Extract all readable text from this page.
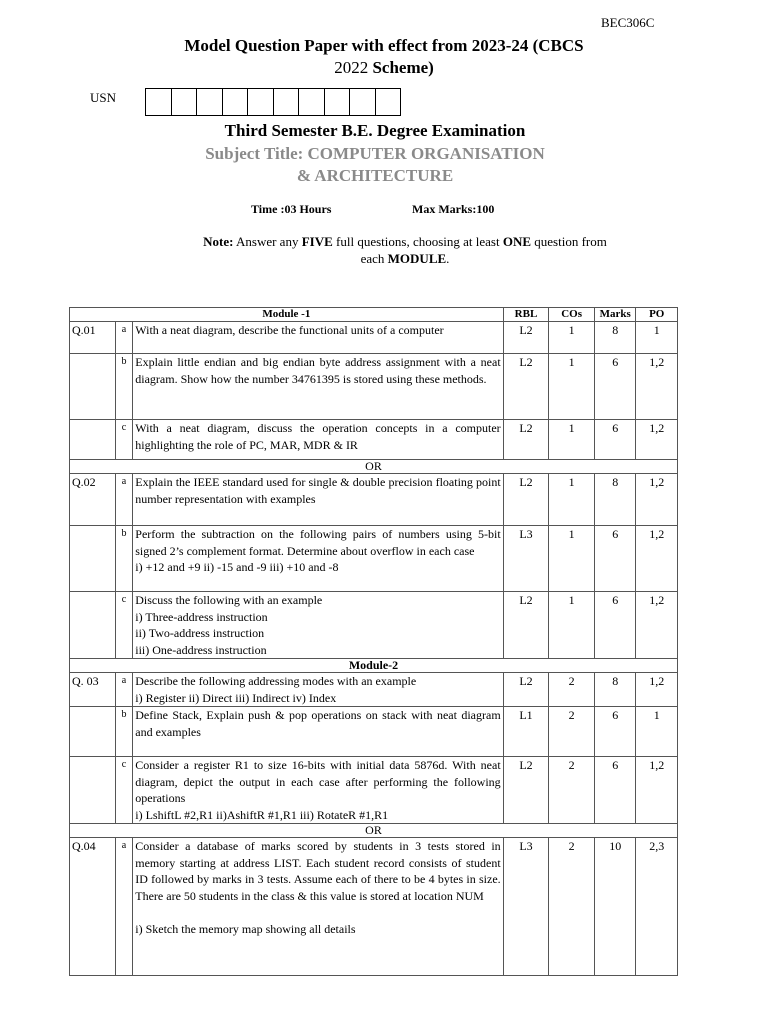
BEC306C
Model Question Paper with effect from 2023-24 (CBCS
2022 Scheme)
USN
Third Semester B.E. Degree Examination
Subject Title: COMPUTER ORGANISATION
& ARCHITECTURE
Time :03 Hours	Max Marks:100
Note: Answer any FIVE full questions, choosing at least ONE question from each MODULE.
Module -1			RBL	COs	Marks	PO
Q.01	a	With a neat diagram, describe the functional units of a computer	L2	1	8	1
	b	Explain little endian and big endian byte address assignment with a neat diagram. Show how the number 34761395 is stored using these methods.	L2	1	6	1,2
	c	With a neat diagram, discuss the operation concepts in a computer highlighting the role of PC, MAR, MDR & IR	L2	1	6	1,2
OR						
Q.02	a	Explain the IEEE standard used for single & double precision floating point number representation with examples	L2	1	8	1,2
	b	Perform the subtraction on the following pairs of numbers using 5-bit signed 2’s complement format. Determine about overflow in each case
i) +12 and +9 ii) -15 and -9 iii) +10 and -8	L3	1	6	1,2
	c	Discuss the following with an example
i) Three-address instruction
ii) Two-address instruction
iii) One-address instruction	L2	1	6	1,2
Module-2						
Q. 03	a	Describe the following addressing modes with an example
i) Register ii) Direct iii) Indirect iv) Index	L2	2	8	1,2
	b	Define Stack, Explain push & pop operations on stack with neat diagram and examples	L1	2	6	1
	c	Consider a register R1 to size 16-bits with initial data 5876d. With neat diagram, depict the output in each case after performing the following operations
i) LshiftL #2,R1 ii)AshiftR #1,R1 iii) RotateR #1,R1	L2	2	6	1,2
OR						
Q.04	a	Consider a database of marks scored by students in 3 tests stored in memory starting at address LIST. Each student record consists of student ID followed by marks in 3 tests. Assume each of there to be 4 bytes in size. There are 50 students in the class & this value is stored at location NUM

i) Sketch the memory map showing all details	L3	2	10	2,3
